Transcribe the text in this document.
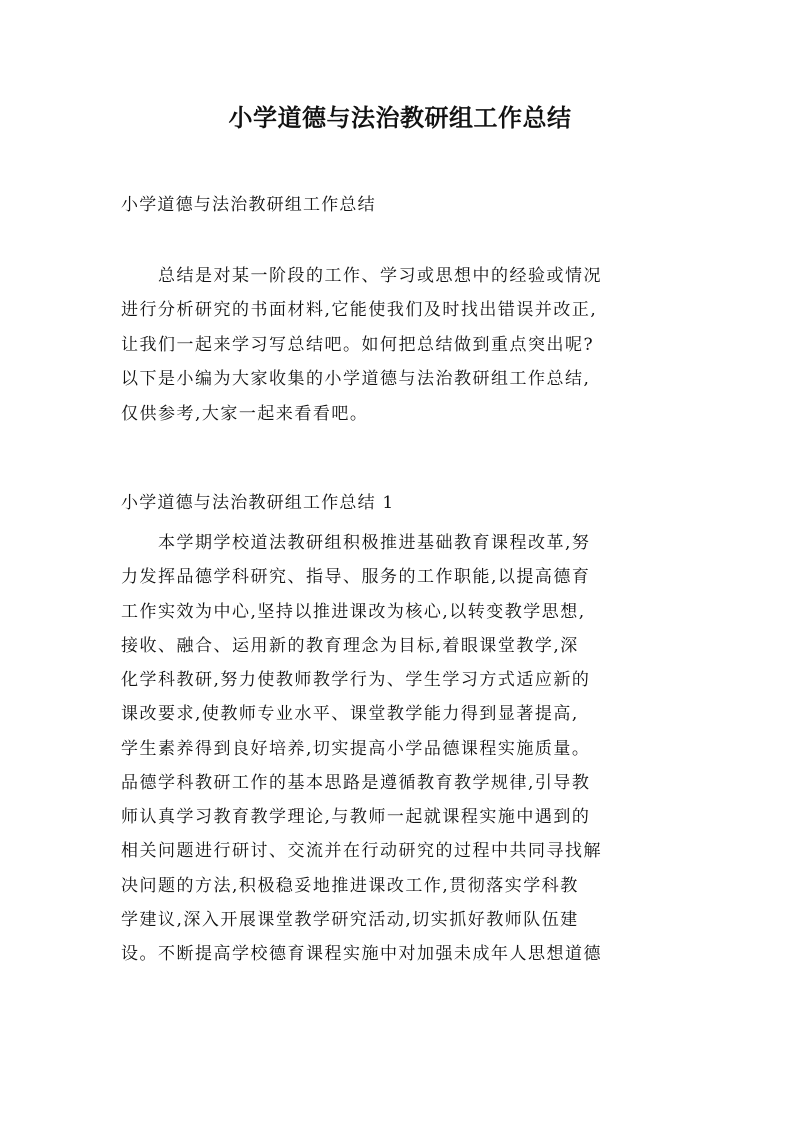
小学道德与法治教研组工作总结
小学道德与法治教研组工作总结
　　总结是对某一阶段的工作、学习或思想中的经验或情况
进行分析研究的书面材料,它能使我们及时找出错误并改正,
让我们一起来学习写总结吧。如何把总结做到重点突出呢?
以下是小编为大家收集的小学道德与法治教研组工作总结,
仅供参考,大家一起来看看吧。
小学道德与法治教研组工作总结 1
　　本学期学校道法教研组积极推进基础教育课程改革,努
力发挥品德学科研究、指导、服务的工作职能,以提高德育
工作实效为中心,坚持以推进课改为核心,以转变教学思想,
接收、融合、运用新的教育理念为目标,着眼课堂教学,深
化学科教研,努力使教师教学行为、学生学习方式适应新的
课改要求,使教师专业水平、课堂教学能力得到显著提高,
学生素养得到良好培养,切实提高小学品德课程实施质量。
品德学科教研工作的基本思路是遵循教育教学规律,引导教
师认真学习教育教学理论,与教师一起就课程实施中遇到的
相关问题进行研讨、交流并在行动研究的过程中共同寻找解
决问题的方法,积极稳妥地推进课改工作,贯彻落实学科教
学建议,深入开展课堂教学研究活动,切实抓好教师队伍建
设。不断提高学校德育课程实施中对加强未成年人思想道德
